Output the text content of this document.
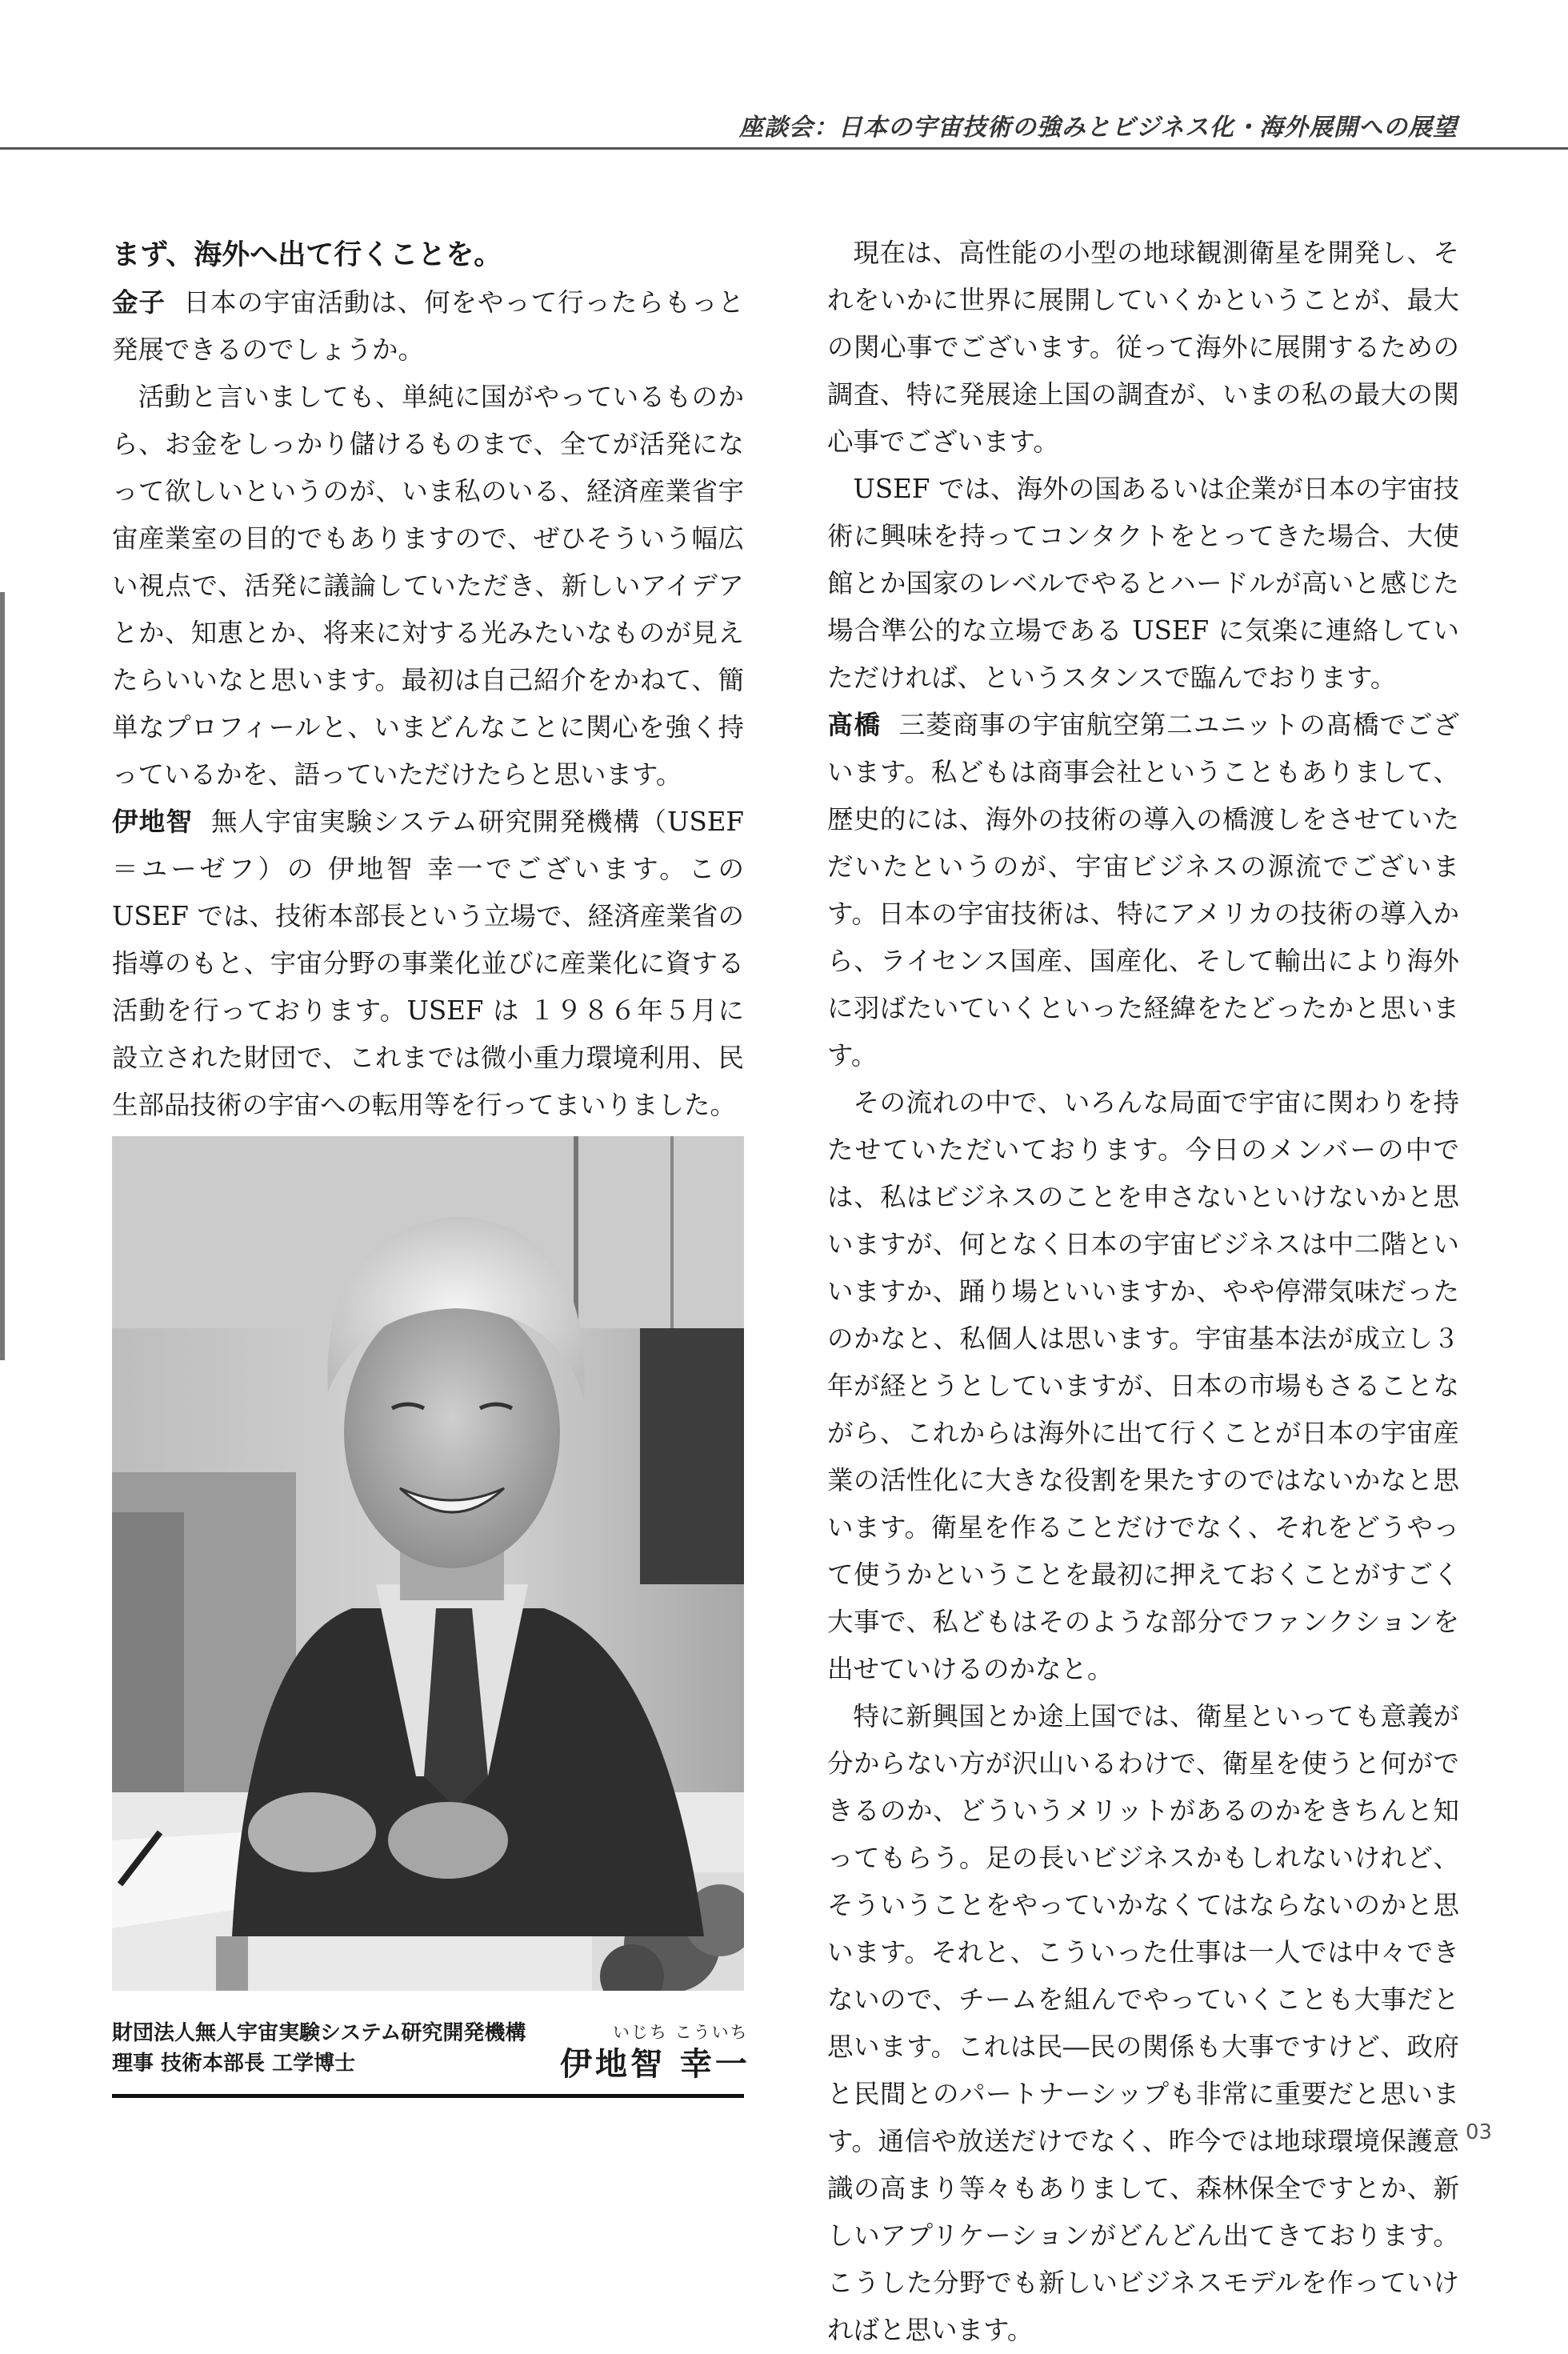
座談会：日本の宇宙技術の強みとビジネス化・海外展開への展望

まず、海外へ出て行くことを。

金子 日本の宇宙活動は、何をやって行ったらもっと発展できるのでしょうか。

活動と言いましても、単純に国がやっているものから、お金をしっかり儲けるものまで、全てが活発になって欲しいというのが、いま私のいる、経済産業省宇宙産業室の目的でもありますので、ぜひそういう幅広い視点で、活発に議論していただき、新しいアイデアとか、知恵とか、将来に対する光みたいなものが見えたらいいなと思います。最初は自己紹介をかねて、簡単なプロフィールと、いまどんなことに関心を強く持っているかを、語っていただけたらと思います。

伊地智 無人宇宙実験システム研究開発機構（USEF＝ユーゼフ）の 伊地智 幸一でございます。この USEF では、技術本部長という立場で、経済産業省の指導のもと、宇宙分野の事業化並びに産業化に資する活動を行っております。USEF は １９８６年５月に設立された財団で、これまでは微小重力環境利用、民生部品技術の宇宙への転用等を行ってまいりました。

財団法人無人宇宙実験システム研究開発機構
理事 技術本部長 工学博士
いじち こういち
伊地智 幸一

現在は、高性能の小型の地球観測衛星を開発し、それをいかに世界に展開していくかということが、最大の関心事でございます。従って海外に展開するための調査、特に発展途上国の調査が、いまの私の最大の関心事でございます。

USEF では、海外の国あるいは企業が日本の宇宙技術に興味を持ってコンタクトをとってきた場合、大使館とか国家のレベルでやるとハードルが高いと感じた場合準公的な立場である USEF に気楽に連絡していただければ、というスタンスで臨んでおります。

髙橋 三菱商事の宇宙航空第二ユニットの髙橋でございます。私どもは商事会社ということもありまして、歴史的には、海外の技術の導入の橋渡しをさせていただいたというのが、宇宙ビジネスの源流でございます。日本の宇宙技術は、特にアメリカの技術の導入から、ライセンス国産、国産化、そして輸出により海外に羽ばたいていくといった経緯をたどったかと思います。

その流れの中で、いろんな局面で宇宙に関わりを持たせていただいております。今日のメンバーの中では、私はビジネスのことを申さないといけないかと思いますが、何となく日本の宇宙ビジネスは中二階といいますか、踊り場といいますか、やや停滞気味だったのかなと、私個人は思います。宇宙基本法が成立し３年が経とうとしていますが、日本の市場もさることながら、これからは海外に出て行くことが日本の宇宙産業の活性化に大きな役割を果たすのではないかなと思います。衛星を作ることだけでなく、それをどうやって使うかということを最初に押えておくことがすごく大事で、私どもはそのような部分でファンクションを出せていけるのかなと。

特に新興国とか途上国では、衛星といっても意義が分からない方が沢山いるわけで、衛星を使うと何ができるのか、どういうメリットがあるのかをきちんと知ってもらう。足の長いビジネスかもしれないけれど、そういうことをやっていかなくてはならないのかと思います。それと、こういった仕事は一人では中々できないので、チームを組んでやっていくことも大事だと思います。これは民―民の関係も大事ですけど、政府と民間とのパートナーシップも非常に重要だと思います。通信や放送だけでなく、昨今では地球環境保護意識の高まり等々もありまして、森林保全ですとか、新しいアプリケーションがどんどん出てきております。こうした分野でも新しいビジネスモデルを作っていければと思います。

03
